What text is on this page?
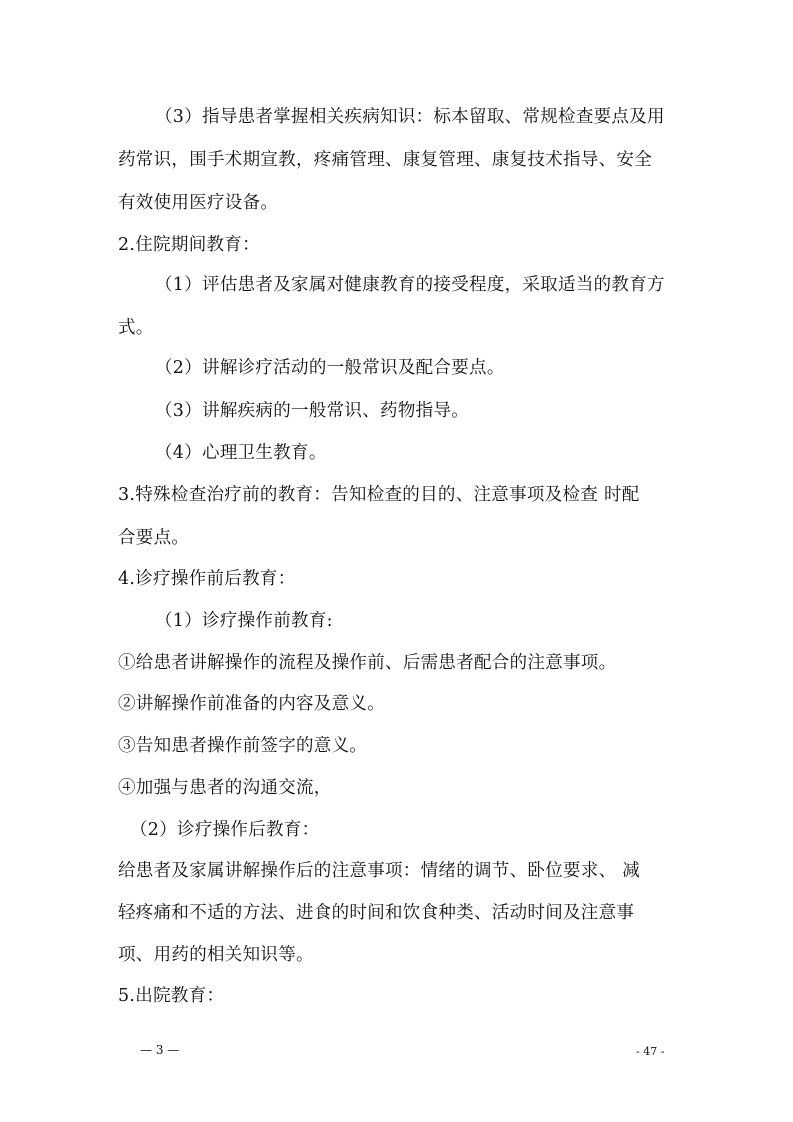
（3）指导患者掌握相关疾病知识：标本留取、常规检查要点及用
药常识，围手术期宣教，疼痛管理、康复管理、康复技术指导、安全
有效使用医疗设备。
2.住院期间教育：
（1）评估患者及家属对健康教育的接受程度，采取适当的教育方
式。
（2）讲解诊疗活动的一般常识及配合要点。
（3）讲解疾病的一般常识、药物指导。
（4）心理卫生教育。
3.特殊检查治疗前的教育：告知检查的目的、注意事项及检查 时配
合要点。
4.诊疗操作前后教育：
（1）诊疗操作前教育:
①给患者讲解操作的流程及操作前、后需患者配合的注意事项。
②讲解操作前准备的内容及意义。
③告知患者操作前签字的意义。
④加强与患者的沟通交流，
（2）诊疗操作后教育：
给患者及家属讲解操作后的注意事项：情绪的调节、卧位要求、 减
轻疼痛和不适的方法、进食的时间和饮食种类、活动时间及注意事
项、用药的相关知识等。
5.出院教育：
— 3 —	- 47 -
